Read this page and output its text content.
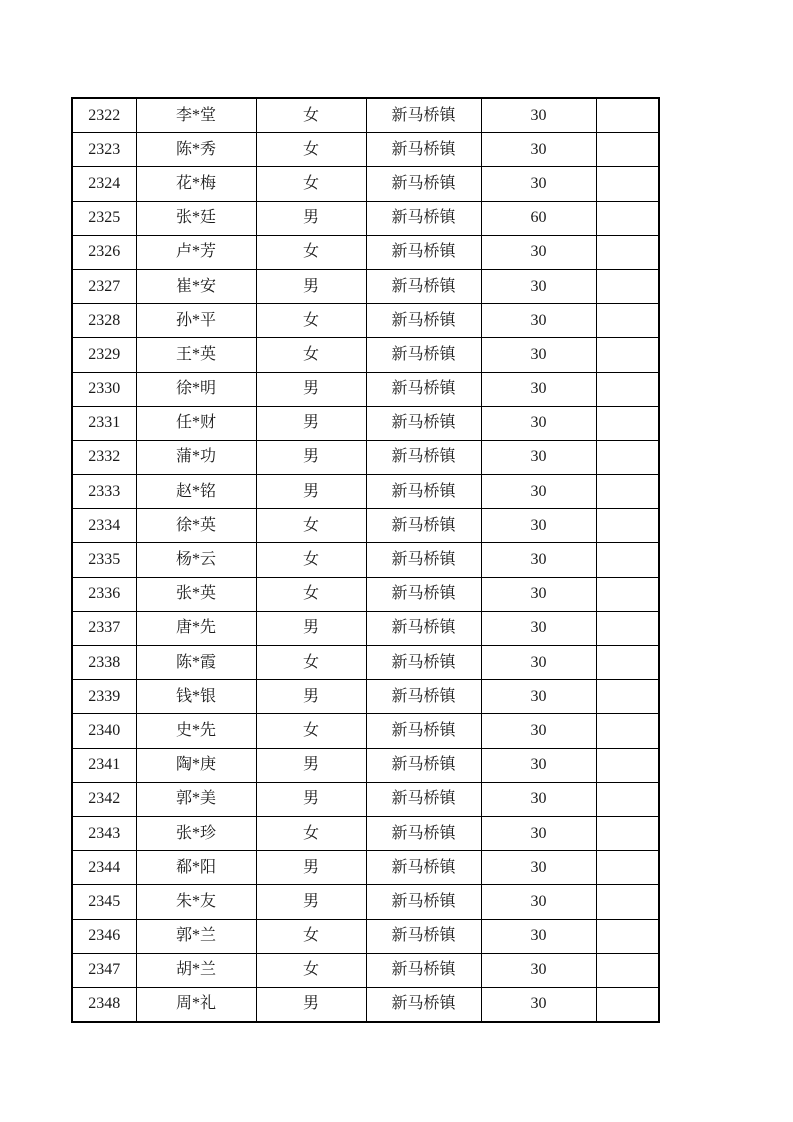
2322	李*堂	女	新马桥镇	30	
2323	陈*秀	女	新马桥镇	30	
2324	花*梅	女	新马桥镇	30	
2325	张*廷	男	新马桥镇	60	
2326	卢*芳	女	新马桥镇	30	
2327	崔*安	男	新马桥镇	30	
2328	孙*平	女	新马桥镇	30	
2329	王*英	女	新马桥镇	30	
2330	徐*明	男	新马桥镇	30	
2331	任*财	男	新马桥镇	30	
2332	蒲*功	男	新马桥镇	30	
2333	赵*铭	男	新马桥镇	30	
2334	徐*英	女	新马桥镇	30	
2335	杨*云	女	新马桥镇	30	
2336	张*英	女	新马桥镇	30	
2337	唐*先	男	新马桥镇	30	
2338	陈*霞	女	新马桥镇	30	
2339	钱*银	男	新马桥镇	30	
2340	史*先	女	新马桥镇	30	
2341	陶*庚	男	新马桥镇	30	
2342	郭*美	男	新马桥镇	30	
2343	张*珍	女	新马桥镇	30	
2344	郗*阳	男	新马桥镇	30	
2345	朱*友	男	新马桥镇	30	
2346	郭*兰	女	新马桥镇	30	
2347	胡*兰	女	新马桥镇	30	
2348	周*礼	男	新马桥镇	30	
